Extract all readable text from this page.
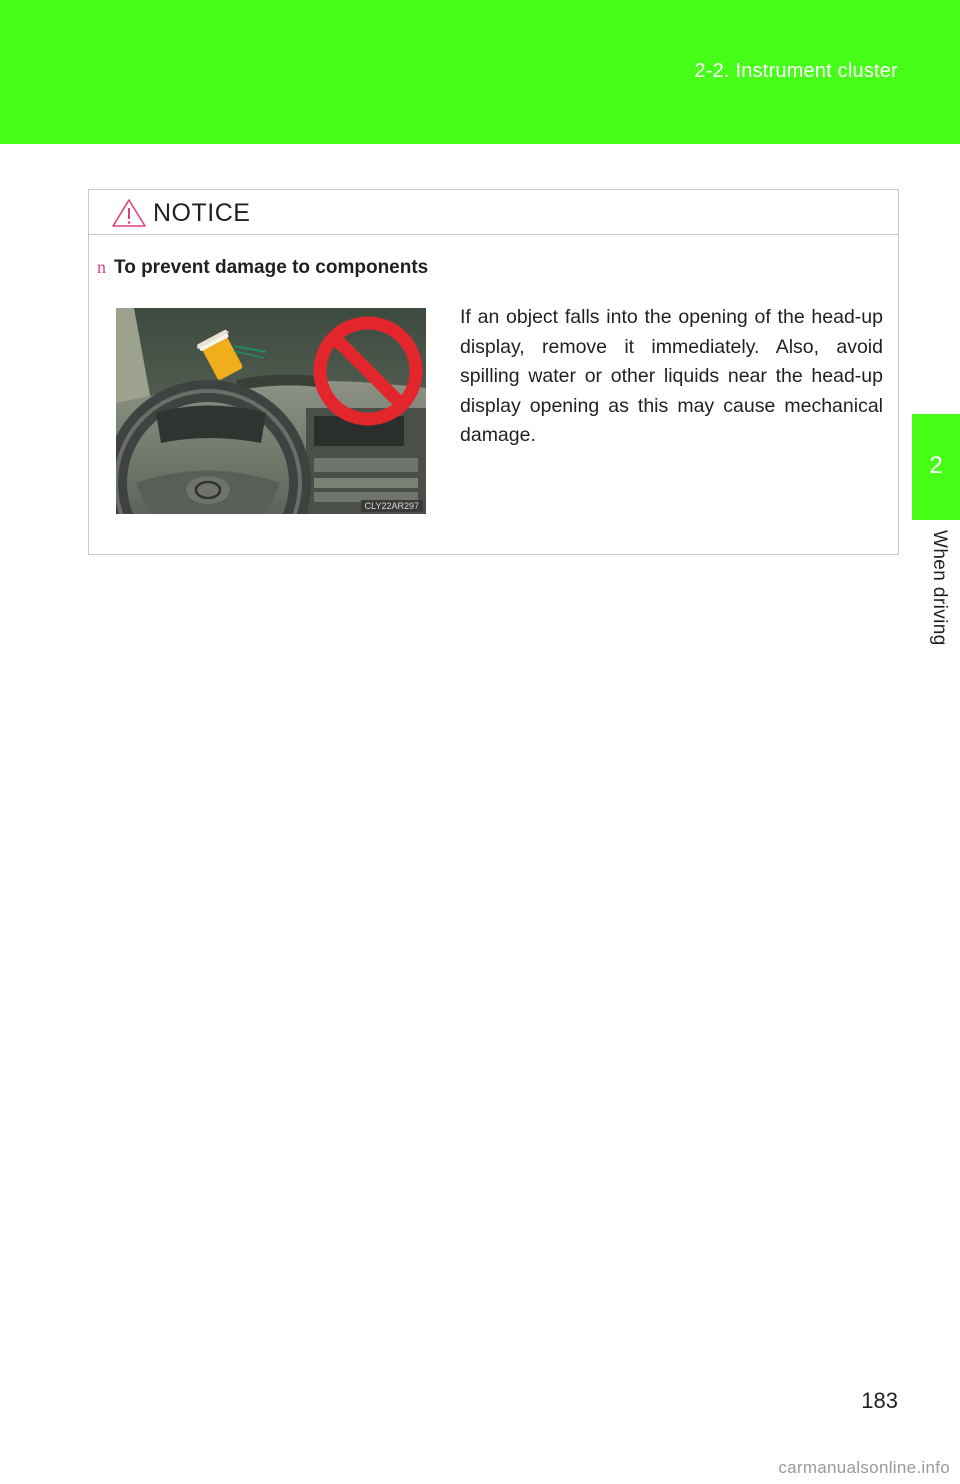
2-2. Instrument cluster
2
When driving
NOTICE
n To prevent damage to components
CLY22AR297
If an object falls into the opening of the head-up display, remove it immediately. Also, avoid spilling water or other liquids near the head-up display opening as this may cause mechanical damage.
183
carmanualsonline.info
